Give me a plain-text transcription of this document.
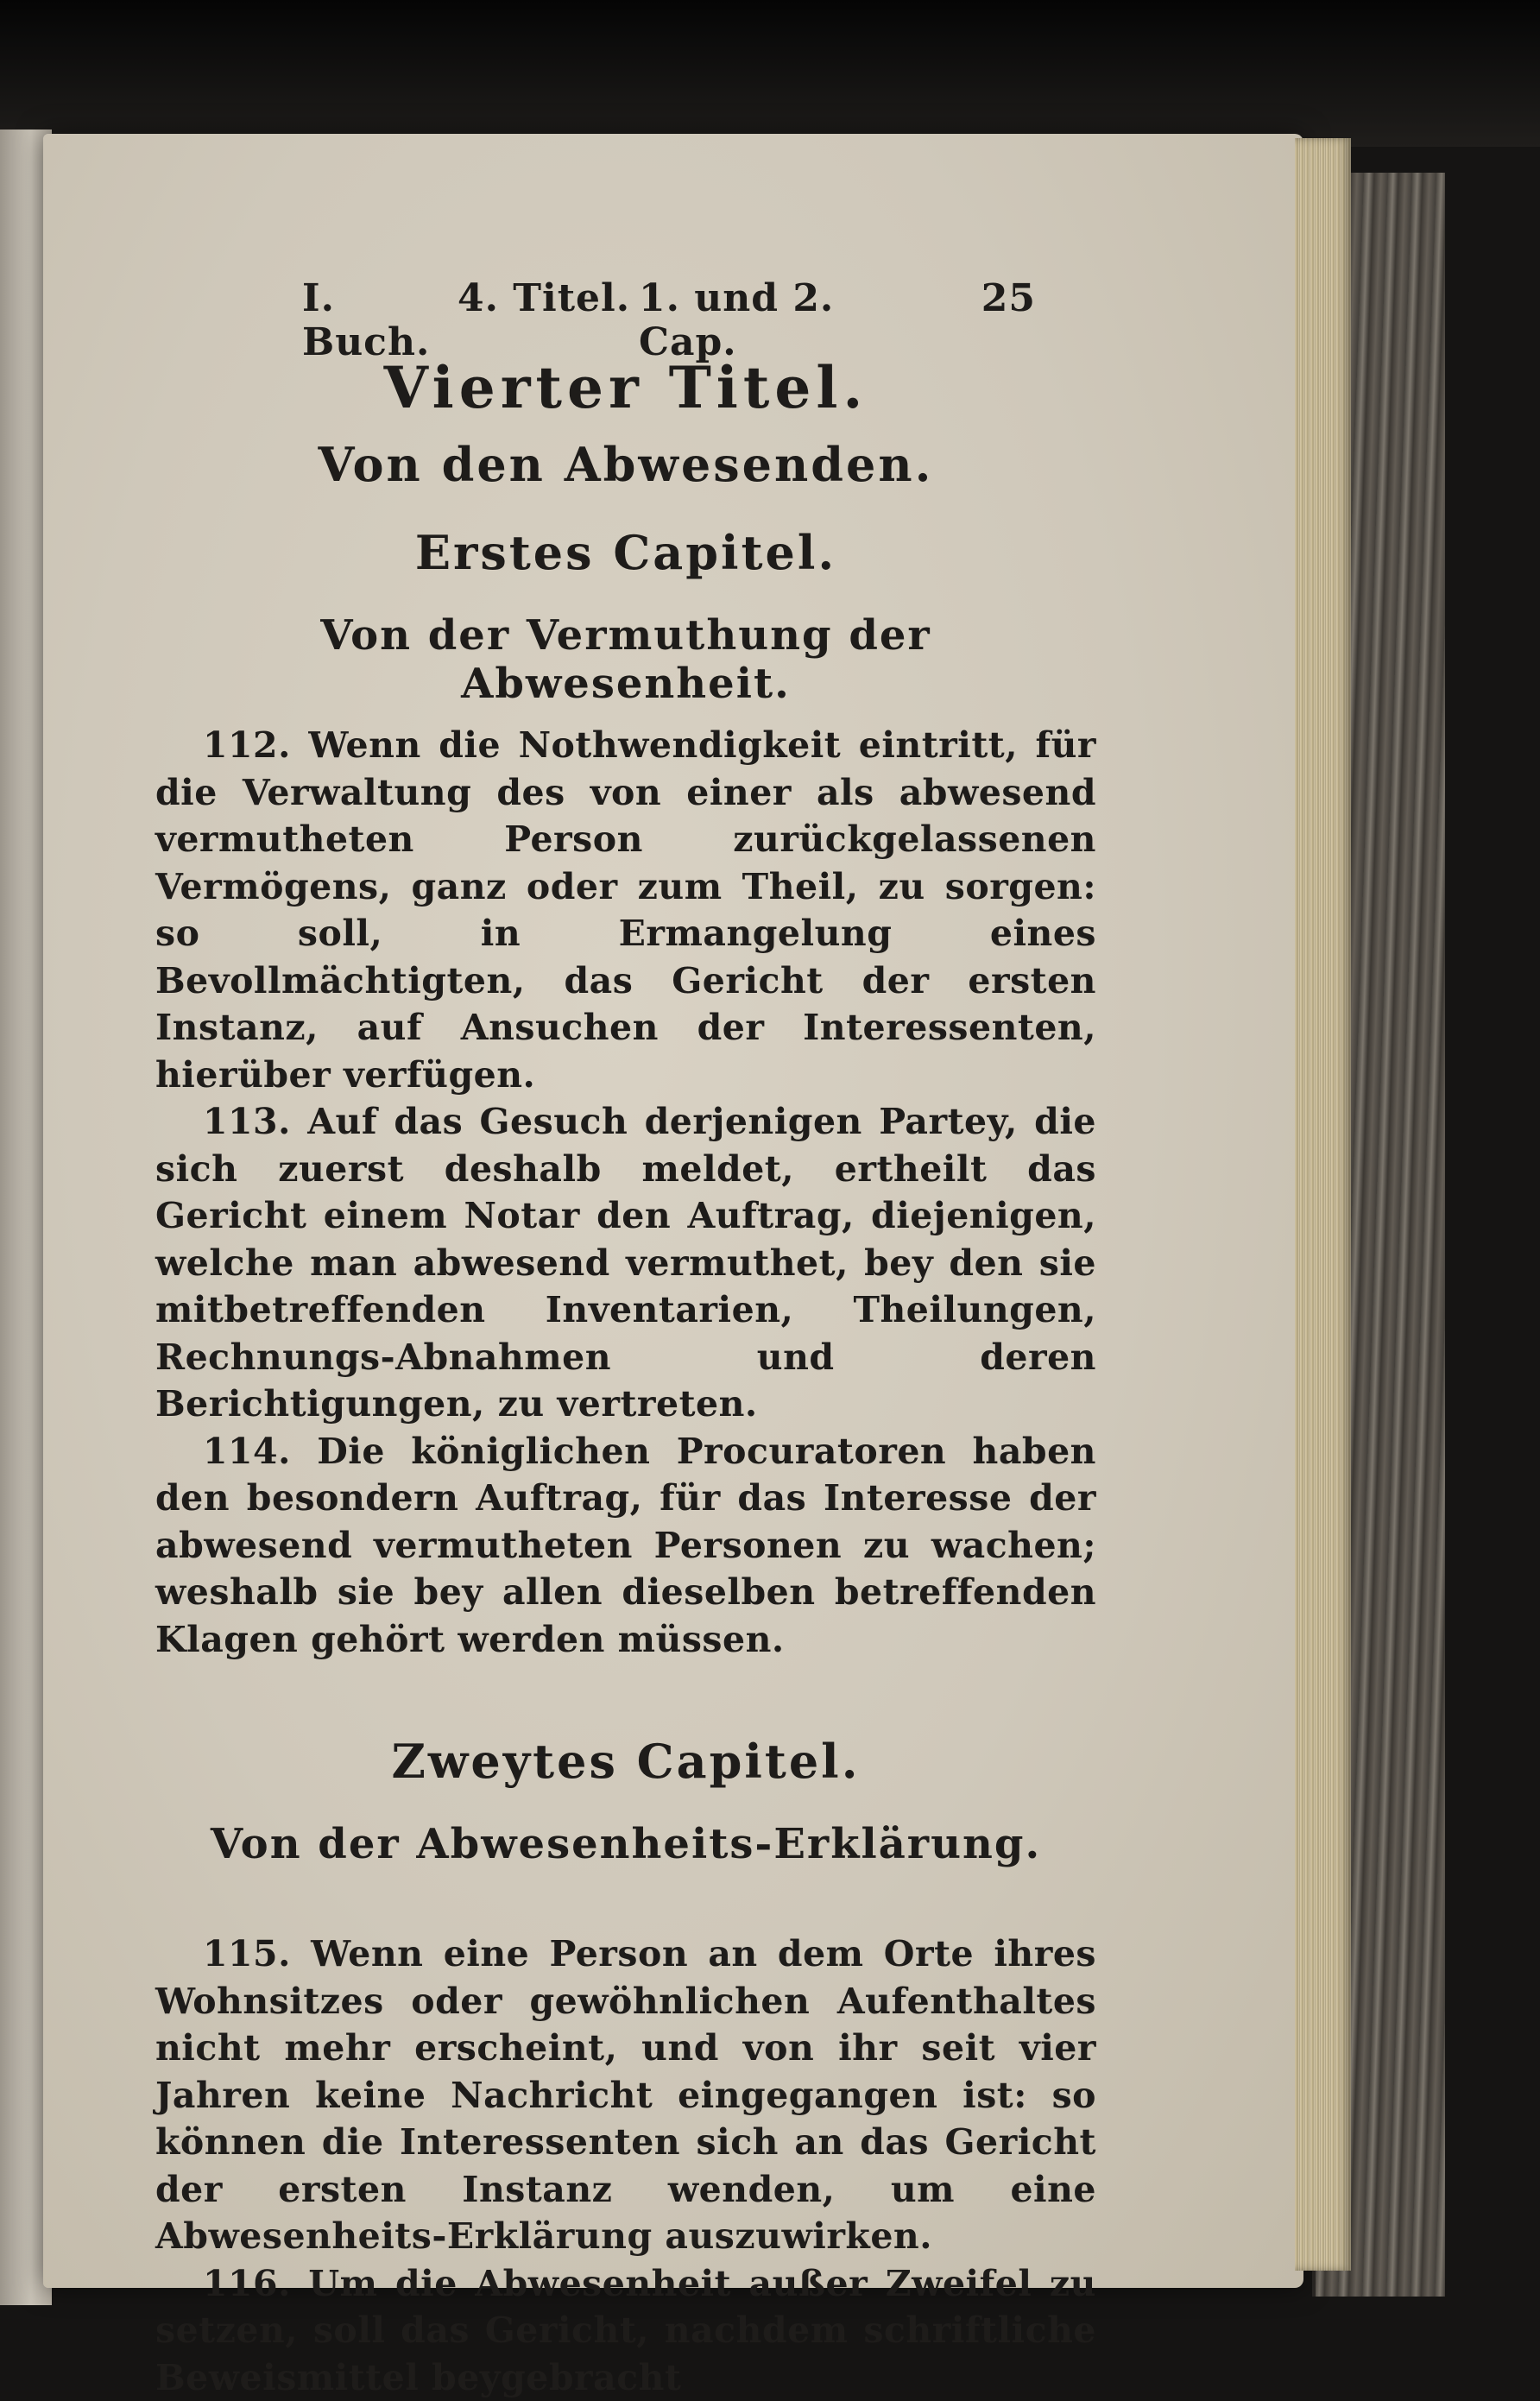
I. Buch.
4. Titel. 1. und 2. Cap.
25
Vierter Titel.
Von den Abwesenden.
Erstes Capitel.
Von der Vermuthung der Abwesenheit.

112. Wenn die Nothwendigkeit eintritt, für die Verwaltung des von einer als abwesend vermutheten Person zurückgelassenen Vermögens, ganz oder zum Theil, zu sorgen: so soll, in Ermangelung eines Bevollmächtigten, das Gericht der ersten Instanz, auf Ansuchen der Interessenten, hierüber verfügen.

113. Auf das Gesuch derjenigen Partey, die sich zuerst deshalb meldet, ertheilt das Gericht einem Notar den Auftrag, diejenigen, welche man abwesend vermuthet, bey den sie mitbetreffenden Inventarien, Theilungen, Rechnungs-Abnahmen und deren Berichtigungen, zu vertreten.

114. Die königlichen Procuratoren haben den besondern Auftrag, für das Interesse der abwesend vermutheten Personen zu wachen; weshalb sie bey allen dieselben betreffenden Klagen gehört werden müssen.

Zweytes Capitel.
Von der Abwesenheits-Erklärung.

115. Wenn eine Person an dem Orte ihres Wohnsitzes oder gewöhnlichen Aufenthaltes nicht mehr erscheint, und von ihr seit vier Jahren keine Nachricht eingegangen ist: so können die Interessenten sich an das Gericht der ersten Instanz wenden, um eine Abwesenheits-Erklärung auszuwirken.

116. Um die Abwesenheit außer Zweifel zu setzen, soll das Gericht, nachdem schriftliche Beweismittel beygebracht
